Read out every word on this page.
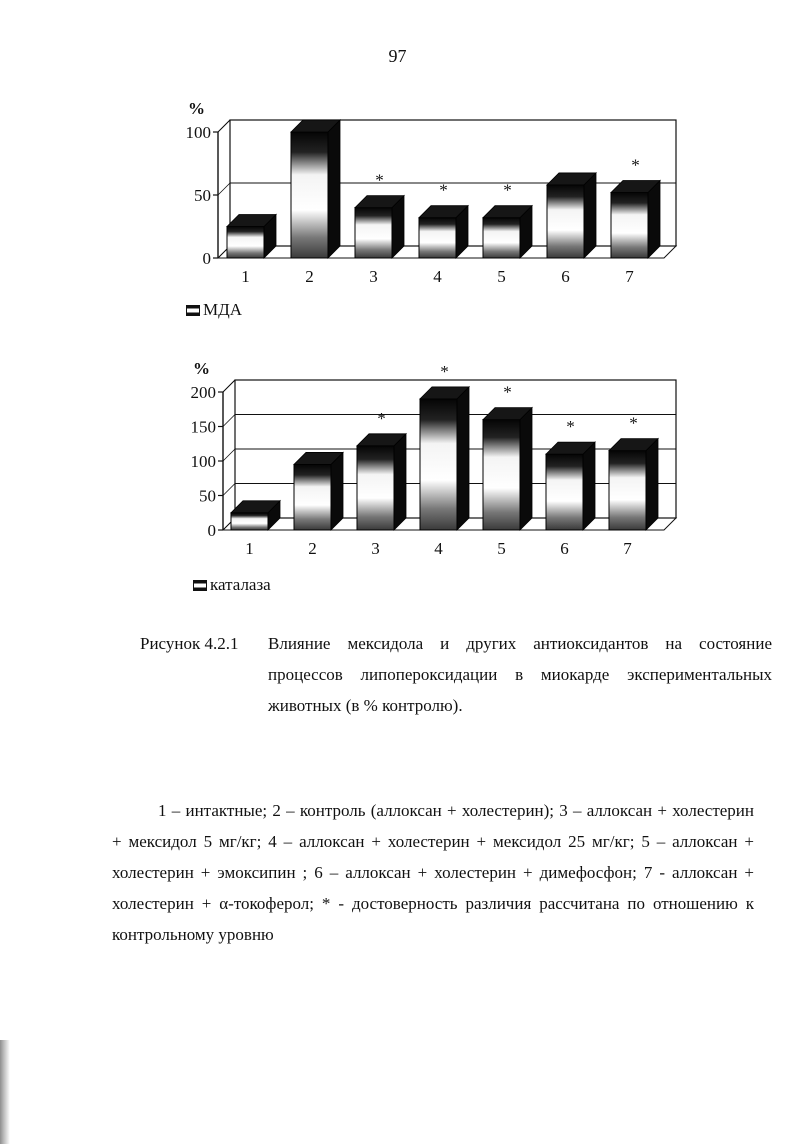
97
0
50
100
%
1	2
*
3
*
4
*
5	6
*
7
МДА
0
50
100
150
200
%
1	2
*
3
*
4
*
5
*
6
*
7
каталаза
Рисунок 4.2.1	Влияние мексидола и других антиоксидантов на состояние процессов липопероксидации в миокарде экспериментальных животных (в % контролю).
1 – интактные; 2 – контроль (аллоксан + холестерин); 3 – аллоксан + холестерин + мексидол 5 мг/кг; 4 – аллоксан + холестерин + мексидол 25 мг/кг; 5 – аллоксан + холестерин + эмоксипин ; 6 – аллоксан + холестерин + димефосфон; 7 - аллоксан + холестерин + α-токоферол; * - достоверность различия рассчитана по отношению к контрольному уровню
